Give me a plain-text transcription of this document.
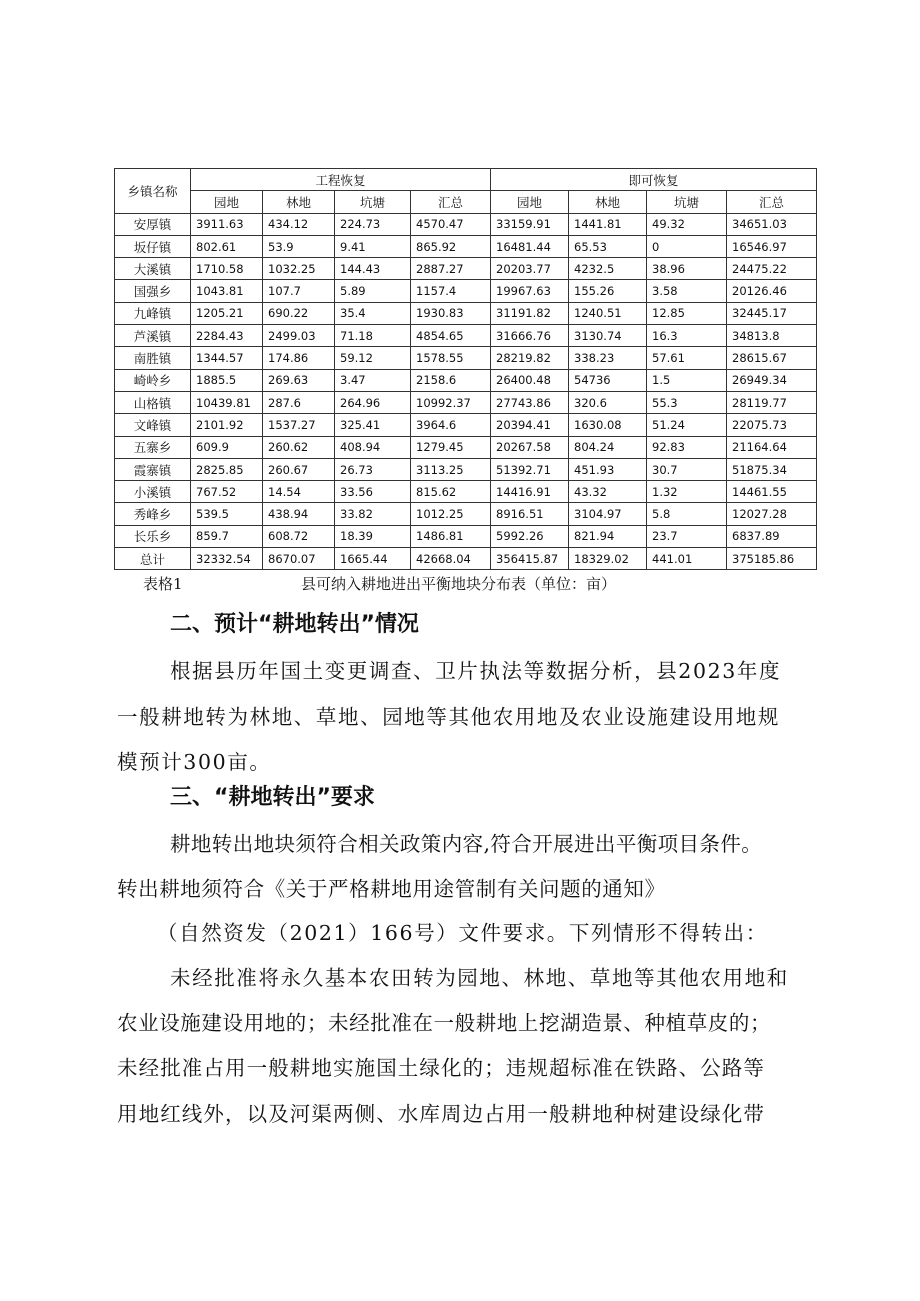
乡镇名称	工程恢复				即可恢复			
	园地	林地	坑塘	汇总	园地	林地	坑塘	汇总
安厚镇	3911.63	434.12	224.73	4570.47	33159.91	1441.81	49.32	34651.03
坂仔镇	802.61	53.9	9.41	865.92	16481.44	65.53	0	16546.97
大溪镇	1710.58	1032.25	144.43	2887.27	20203.77	4232.5	38.96	24475.22
国强乡	1043.81	107.7	5.89	1157.4	19967.63	155.26	3.58	20126.46
九峰镇	1205.21	690.22	35.4	1930.83	31191.82	1240.51	12.85	32445.17
芦溪镇	2284.43	2499.03	71.18	4854.65	31666.76	3130.74	16.3	34813.8
南胜镇	1344.57	174.86	59.12	1578.55	28219.82	338.23	57.61	28615.67
崎岭乡	1885.5	269.63	3.47	2158.6	26400.48	54736	1.5	26949.34
山格镇	10439.81	287.6	264.96	10992.37	27743.86	320.6	55.3	28119.77
文峰镇	2101.92	1537.27	325.41	3964.6	20394.41	1630.08	51.24	22075.73
五寨乡	609.9	260.62	408.94	1279.45	20267.58	804.24	92.83	21164.64
霞寨镇	2825.85	260.67	26.73	3113.25	51392.71	451.93	30.7	51875.34
小溪镇	767.52	14.54	33.56	815.62	14416.91	43.32	1.32	14461.55
秀峰乡	539.5	438.94	33.82	1012.25	8916.51	3104.97	5.8	12027.28
长乐乡	859.7	608.72	18.39	1486.81	5992.26	821.94	23.7	6837.89
总计	32332.54	8670.07	1665.44	42668.04	356415.87	18329.02	441.01	375185.86
表格1	县可纳入耕地进出平衡地块分布表（单位：亩）
二、预计“耕地转出”情况
根据县历年国土变更调查、卫片执法等数据分析，县2023年度
一般耕地转为林地、草地、园地等其他农用地及农业设施建设用地规
模预计300亩。
三、“耕地转出”要求
耕地转出地块须符合相关政策内容,符合开展进出平衡项目条件。
转出耕地须符合《关于严格耕地用途管制有关问题的通知》
（自然资发（2021）166号）文件要求。下列情形不得转出：
未经批准将永久基本农田转为园地、林地、草地等其他农用地和
农业设施建设用地的；未经批准在一般耕地上挖湖造景、种植草皮的；
未经批准占用一般耕地实施国土绿化的；违规超标准在铁路、公路等
用地红线外，以及河渠两侧、水库周边占用一般耕地种树建设绿化带
